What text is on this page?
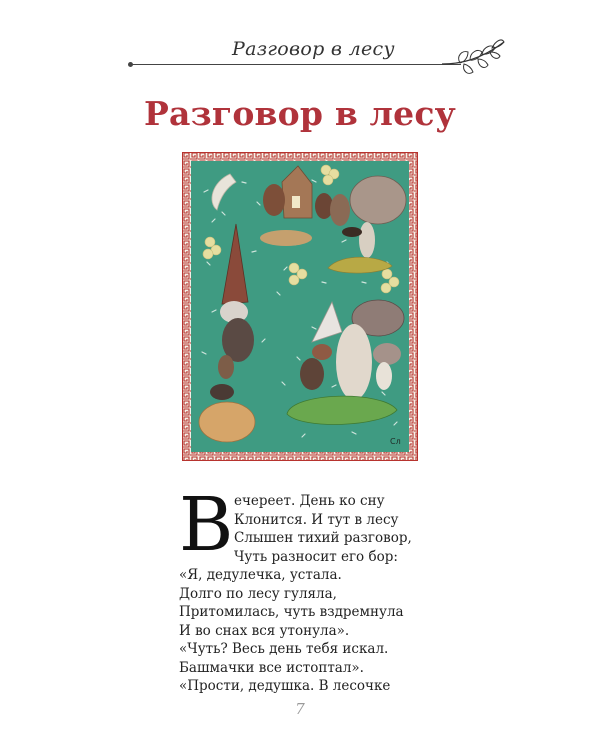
Разговор в лесу
Разговор в лесу
Сл
В ечереет. День ко сну
Клонится. И тут в лесу
Слышен тихий разговор,
Чуть разносит его бор:
«Я, дедулечка, устала.
Долго по лесу гуляла,
Притомилась, чуть вздремнула
И во снах вся утонула».
«Чуть? Весь день тебя искал.
Башмачки все истоптал».
«Прости, дедушка. В лесочке
7
